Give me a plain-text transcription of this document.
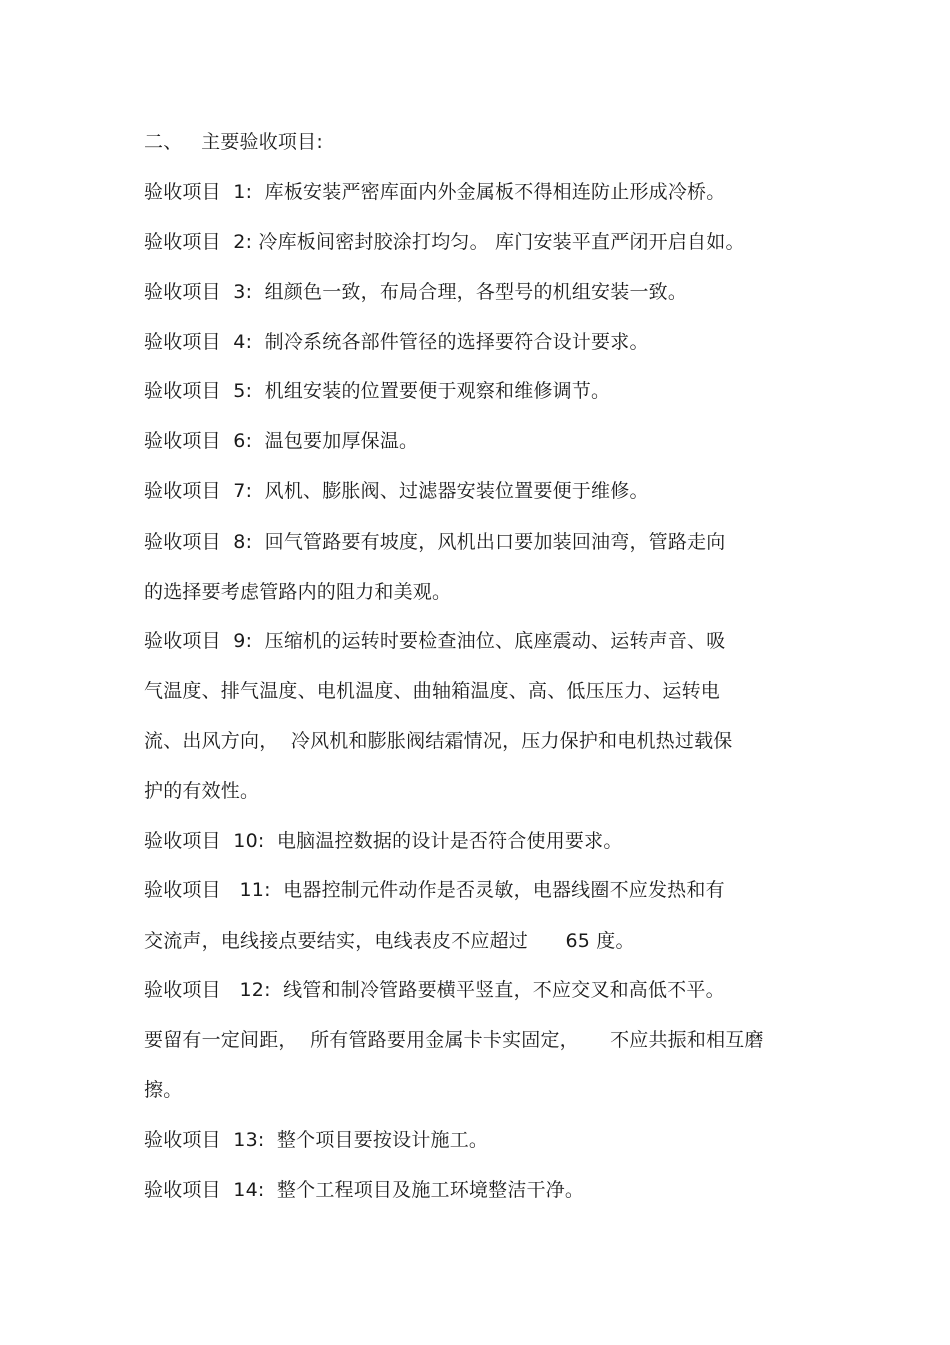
二、   主要验收项目:
验收项目  1:  库板安装严密库面内外金属板不得相连防止形成冷桥。
验收项目  2: 冷库板间密封胶涂打均匀。 库门安装平直严闭开启自如。
验收项目  3:  组颜色一致，布局合理，各型号的机组安装一致。
验收项目  4:  制冷系统各部件管径的选择要符合设计要求。
验收项目  5:  机组安装的位置要便于观察和维修调节。
验收项目  6:  温包要加厚保温。
验收项目  7:  风机、膨胀阀、过滤器安装位置要便于维修。
验收项目  8:  回气管路要有坡度，风机出口要加装回油弯，管路走向
的选择要考虑管路内的阻力和美观。
验收项目  9:  压缩机的运转时要检查油位、底座震动、运转声音、吸
气温度、排气温度、电机温度、曲轴箱温度、高、低压压力、运转电
流、出风方向，  冷风机和膨胀阀结霜情况，压力保护和电机热过载保
护的有效性。
验收项目  10:  电脑温控数据的设计是否符合使用要求。
验收项目   11:  电器控制元件动作是否灵敏，电器线圈不应发热和有
交流声，电线接点要结实，电线表皮不应超过      65 度。
验收项目   12:  线管和制冷管路要横平竖直，不应交叉和高低不平。
要留有一定间距，  所有管路要用金属卡卡实固定，     不应共振和相互磨
擦。
验收项目  13:  整个项目要按设计施工。
验收项目  14:  整个工程项目及施工环境整洁干净。
